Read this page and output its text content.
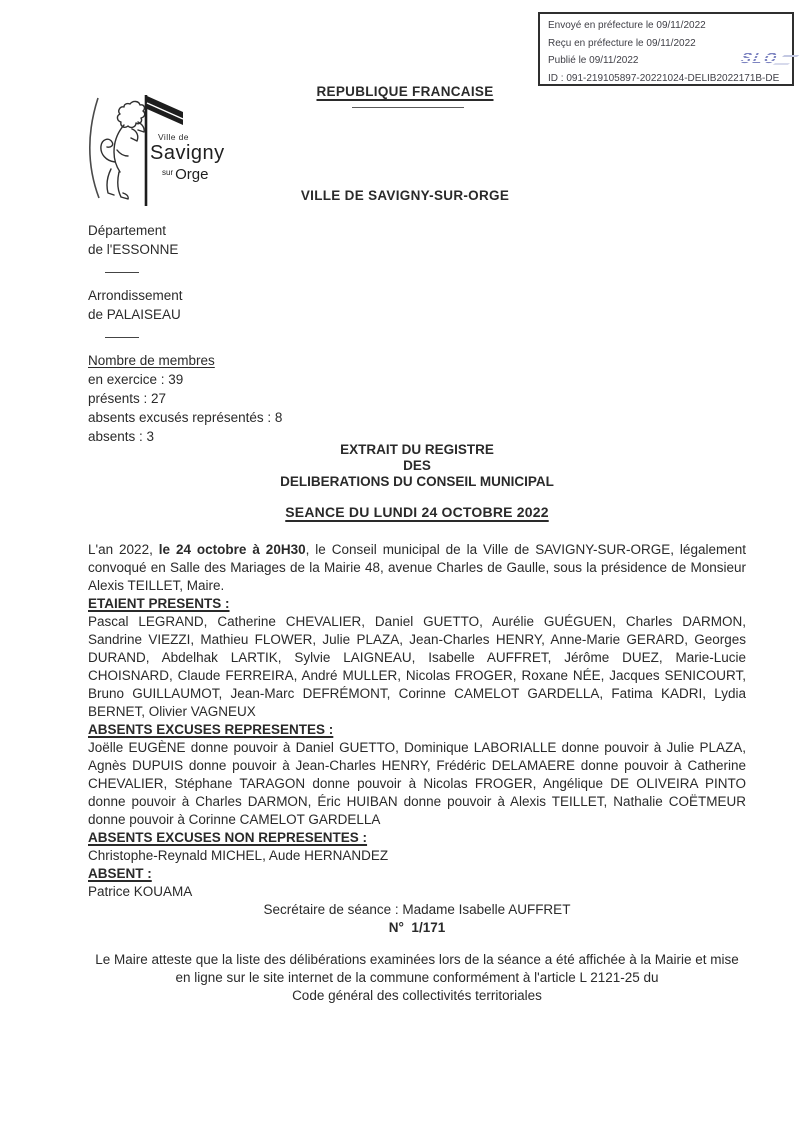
Envoyé en préfecture le 09/11/2022
Reçu en préfecture le 09/11/2022
Publié le 09/11/2022
ID : 091-219105897-20221024-DELIB2022171B-DE
SLO
REPUBLIQUE FRANCAISE
VILLE DE SAVIGNY-SUR-ORGE
Ville de
Savigny
$^{sur}$ Orge

Département
de l'ESSONNE

Arrondissement
de PALAISEAU

Nombre de membres
en exercice : 39
présents : 27
absents excusés représentés : 8
absents : 3

EXTRAIT DU REGISTRE
DES
DELIBERATIONS DU CONSEIL MUNICIPAL
SEANCE DU LUNDI 24 OCTOBRE 2022

L'an 2022, le 24 octobre à 20H30, le Conseil municipal de la Ville de SAVIGNY-SUR-ORGE, légalement convoqué en Salle des Mariages de la Mairie 48, avenue Charles de Gaulle, sous la présidence de Monsieur Alexis TEILLET, Maire.

ETAIENT PRESENTS :

Pascal LEGRAND, Catherine CHEVALIER, Daniel GUETTO, Aurélie GUÉGUEN, Charles DARMON, Sandrine VIEZZI, Mathieu FLOWER, Julie PLAZA, Jean-Charles HENRY, Anne-Marie GERARD, Georges DURAND, Abdelhak LARTIK, Sylvie LAIGNEAU, Isabelle AUFFRET, Jérôme DUEZ, Marie-Lucie CHOISNARD, Claude FERREIRA, André MULLER, Nicolas FROGER, Roxane NÉE, Jacques SENICOURT, Bruno GUILLAUMOT, Jean-Marc DEFRÉMONT, Corinne CAMELOT GARDELLA, Fatima KADRI, Lydia BERNET, Olivier VAGNEUX

ABSENTS EXCUSES REPRESENTES :

Joëlle EUGÈNE donne pouvoir à Daniel GUETTO, Dominique LABORIALLE donne pouvoir à Julie PLAZA, Agnès DUPUIS donne pouvoir à Jean-Charles HENRY, Frédéric DELAMAERE donne pouvoir à Catherine CHEVALIER, Stéphane TARAGON donne pouvoir à Nicolas FROGER, Angélique DE OLIVEIRA PINTO donne pouvoir à Charles DARMON, Éric HUIBAN donne pouvoir à Alexis TEILLET, Nathalie COËTMEUR donne pouvoir à Corinne CAMELOT GARDELLA

ABSENTS EXCUSES NON REPRESENTES :

Christophe-Reynald MICHEL, Aude HERNANDEZ

ABSENT :

Patrice KOUAMA

Secrétaire de séance : Madame Isabelle AUFFRET

N°  1/171

Le Maire atteste que la liste des délibérations examinées lors de la séance a été affichée à la Mairie et mise
en ligne sur le site internet de la commune conformément à l'article L 2121-25 du
Code général des collectivités territoriales
